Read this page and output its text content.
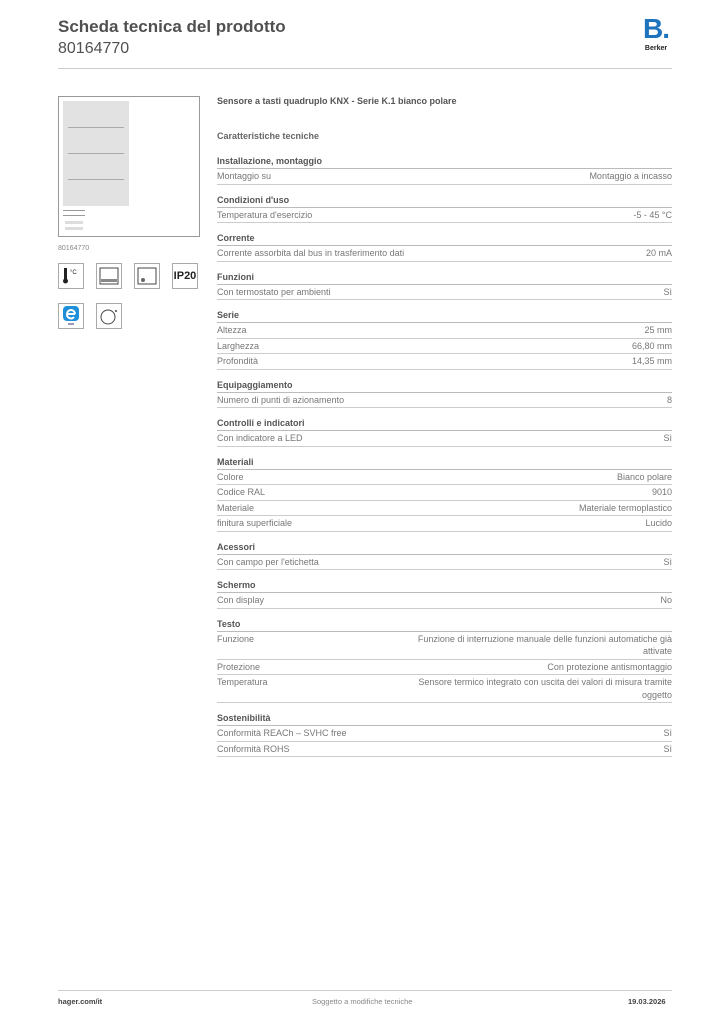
Scheda tecnica del prodotto
80164770
B.
Berker
80164770
°C	IP20
Sensore a tasti quadruplo KNX - Serie K.1 bianco polare
Caratteristiche tecniche
Installazione, montaggio
Montaggio su	Montaggio a incasso
Condizioni d'uso
Temperatura d'esercizio	-5 - 45 °C
Corrente
Corrente assorbita dal bus in trasferimento dati	20 mA
Funzioni
Con termostato per ambienti	Sì
Serie
Altezza	25 mm
Larghezza	66,80 mm
Profondità	14,35 mm
Equipaggiamento
Numero di punti di azionamento	8
Controlli e indicatori
Con indicatore a LED	Sì
Materiali
Colore	Bianco polare
Codice RAL	9010
Materiale	Materiale termoplastico
finitura superficiale	Lucido
Acessori
Con campo per l'etichetta	Sì
Schermo
Con display	No
Testo
Funzione	Funzione di interruzione manuale delle funzioni automatiche già attivate
Protezione	Con protezione antismontaggio
Temperatura	Sensore termico integrato con uscita dei valori di misura tramite oggetto
Sostenibilità
Conformità REACh – SVHC free	Sì
Conformità ROHS	Sì
hager.com/it	Soggetto a modifiche tecniche	19.03.2026
